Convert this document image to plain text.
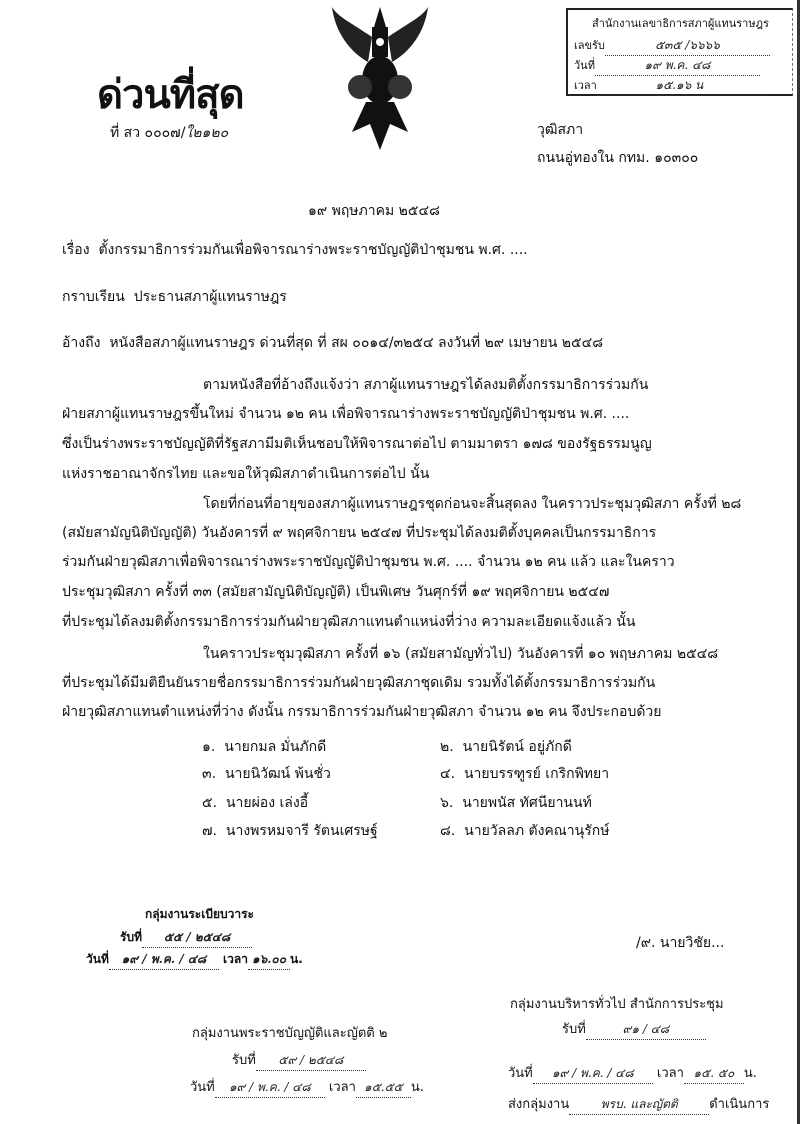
สำนักงานเลขาธิการสภาผู้แทนราษฎร
เลขรับ	๕๓๕ /๖๖๖๖
วันที่	๑๙ พ.ค. ๔๘
เวลา	๑๕.๑๖ น
ด่วนที่สุด
ที่ สว ๐๐๐๗/ใ๒๑๒๐	วุฒิสภา
ถนนอู่ทองใน กทม. ๑๐๓๐๐
๑๙ พฤษภาคม ๒๕๔๘
เรื่อง ตั้งกรรมาธิการร่วมกันเพื่อพิจารณาร่างพระราชบัญญัติป่าชุมชน พ.ศ. ....
กราบเรียน ประธานสภาผู้แทนราษฎร
อ้างถึง หนังสือสภาผู้แทนราษฎร ด่วนที่สุด ที่ สผ ๐๐๑๔/๓๒๕๔ ลงวันที่ ๒๙ เมษายน ๒๕๔๘
ตามหนังสือที่อ้างถึงแจ้งว่า สภาผู้แทนราษฎรได้ลงมติตั้งกรรมาธิการร่วมกัน
ฝ่ายสภาผู้แทนราษฎรขึ้นใหม่ จำนวน ๑๒ คน เพื่อพิจารณาร่างพระราชบัญญัติป่าชุมชน พ.ศ. ....
ซึ่งเป็นร่างพระราชบัญญัติที่รัฐสภามีมติเห็นชอบให้พิจารณาต่อไป ตามมาตรา ๑๗๘ ของรัฐธรรมนูญ
แห่งราชอาณาจักรไทย และขอให้วุฒิสภาดำเนินการต่อไป นั้น
โดยที่ก่อนที่อายุของสภาผู้แทนราษฎรชุดก่อนจะสิ้นสุดลง ในคราวประชุมวุฒิสภา ครั้งที่ ๒๘
(สมัยสามัญนิติบัญญัติ) วันอังคารที่ ๙ พฤศจิกายน ๒๕๔๗ ที่ประชุมได้ลงมติตั้งบุคคลเป็นกรรมาธิการ
ร่วมกันฝ่ายวุฒิสภาเพื่อพิจารณาร่างพระราชบัญญัติป่าชุมชน พ.ศ. .... จำนวน ๑๒ คน แล้ว และในคราว
ประชุมวุฒิสภา ครั้งที่ ๓๓ (สมัยสามัญนิติบัญญัติ) เป็นพิเศษ วันศุกร์ที่ ๑๙ พฤศจิกายน ๒๕๔๗
ที่ประชุมได้ลงมติตั้งกรรมาธิการร่วมกันฝ่ายวุฒิสภาแทนตำแหน่งที่ว่าง ความละเอียดแจ้งแล้ว นั้น
ในคราวประชุมวุฒิสภา ครั้งที่ ๑๖ (สมัยสามัญทั่วไป) วันอังคารที่ ๑๐ พฤษภาคม ๒๕๔๘
ที่ประชุมได้มีมติยืนยันรายชื่อกรรมาธิการร่วมกันฝ่ายวุฒิสภาชุดเดิม รวมทั้งได้ตั้งกรรมาธิการร่วมกัน
ฝ่ายวุฒิสภาแทนตำแหน่งที่ว่าง ดังนั้น กรรมาธิการร่วมกันฝ่ายวุฒิสภา จำนวน ๑๒ คน จึงประกอบด้วย
๑. นายกมล มั่นภักดี	๒. นายนิรัตน์ อยู่ภักดี
๓. นายนิวัฒน์ พ้นชั่ว	๔. นายบรรฑูรย์ เกริกพิทยา
๕. นายผ่อง เล่งอี้	๖. นายพนัส ทัศนียานนท์
๗. นางพรหมจารี รัตนเศรษฐ์	๘. นายวัลลภ ตังคณานุรักษ์
/๙. นายวิชัย...
กลุ่มงานระเบียบวาระ
รับที่ ๕๕ / ๒๕๔๘
วันที่ ๑๙ / พ.ค. / ๔๘ เวลา ๑๖.๐๐ น.
กลุ่มงานพระราชบัญญัติและญัตติ ๒
รับที่ ๕๙ / ๒๕๔๘
วันที่ ๑๙ / พ.ค. / ๔๘ เวลา ๑๕.๕๕ น.
กลุ่มงานบริหารทั่วไป สำนักการประชุม
รับที่	๙๑ / ๔๘
วันที่ ๑๙ / พ.ค. / ๔๘ เวลา ๑๕. ๕๐ น.
ส่งกลุ่มงาน	พรบ. และญัตติ ดำเนินการ
